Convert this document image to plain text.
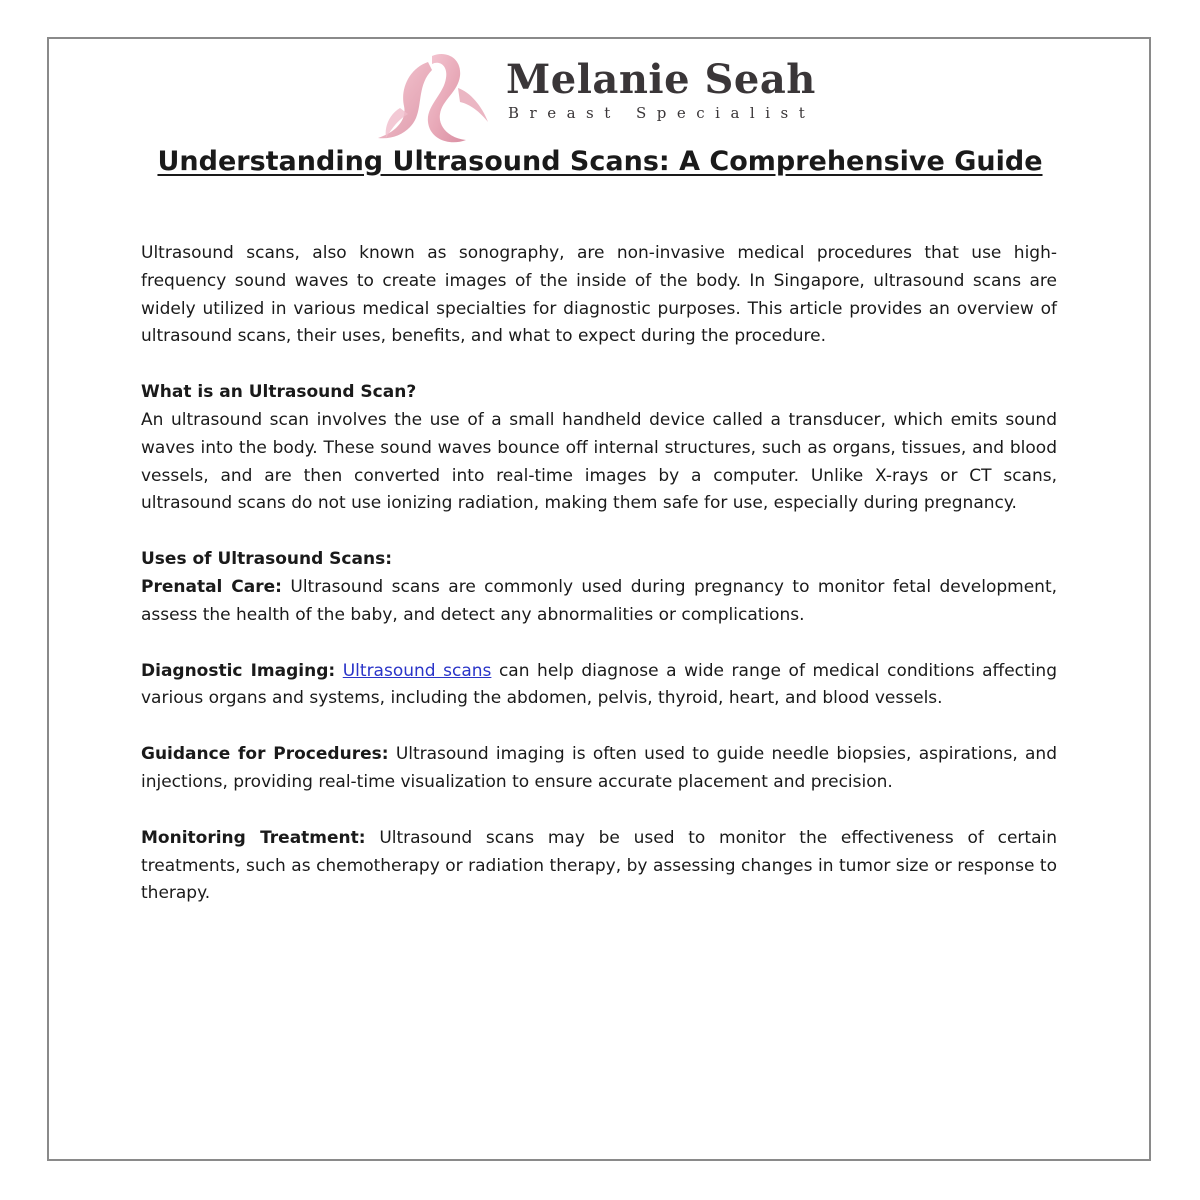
Melanie Seah
Breast Specialist
Understanding Ultrasound Scans: A Comprehensive Guide

Ultrasound scans, also known as sonography, are non-invasive medical procedures that use high-frequency sound waves to create images of the inside of the body. In Singapore, ultrasound scans are widely utilized in various medical specialties for diagnostic purposes. This article provides an overview of ultrasound scans, their uses, benefits, and what to expect during the procedure.

What is an Ultrasound Scan?

An ultrasound scan involves the use of a small handheld device called a transducer, which emits sound waves into the body. These sound waves bounce off internal structures, such as organs, tissues, and blood vessels, and are then converted into real-time images by a computer. Unlike X-rays or CT scans, ultrasound scans do not use ionizing radiation, making them safe for use, especially during pregnancy.

Uses of Ultrasound Scans:

Prenatal Care: Ultrasound scans are commonly used during pregnancy to monitor fetal development, assess the health of the baby, and detect any abnormalities or complications.

Diagnostic Imaging: Ultrasound scans can help diagnose a wide range of medical conditions affecting various organs and systems, including the abdomen, pelvis, thyroid, heart, and blood vessels.

Guidance for Procedures: Ultrasound imaging is often used to guide needle biopsies, aspirations, and injections, providing real-time visualization to ensure accurate placement and precision.

Monitoring Treatment: Ultrasound scans may be used to monitor the effectiveness of certain treatments, such as chemotherapy or radiation therapy, by assessing changes in tumor size or response to therapy.
